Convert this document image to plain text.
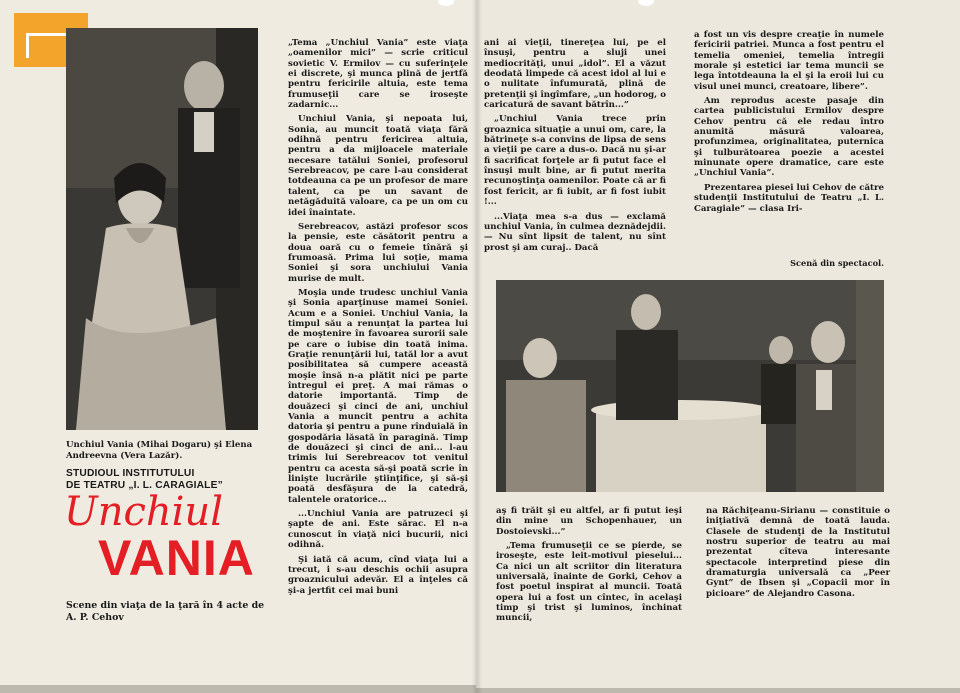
Unchiul Vania (Mihai Dogaru) şi Elena Andreevna (Vera Lazăr).
STUDIOUL INSTITUTULUI
DE TEATRU „I. L. CARAGIALE”
Unchiul
VANIA
Scene din viaţa de la ţară în 4 acte de A. P. Cehov

„Tema „Unchiul Vania” este viaţa „oamenilor mici” — scrie criticul sovietic V. Ermilov — cu suferinţele ei discrete, şi munca plină de jertfă pentru fericirile altuia, este tema frumuseţii care se iroseşte zadarnic...

Unchiul Vania, şi nepoata lui, Sonia, au muncit toată viaţa fără odihnă pentru fericirea altuia, pentru a da mijloacele materiale necesare tatălui Soniei, profesorul Serebreacov, pe care l-au considerat totdeauna ca pe un profesor de mare talent, ca pe un savant de netăgăduită valoare, ca pe un om cu idei înaintate.

Serebreacov, astăzi profesor scos la pensie, este căsătorit pentru a doua oară cu o femeie tînără şi frumoasă. Prima lui soţie, mama Soniei şi sora unchiului Vania murise de mult.

Moşia unde trudesc unchiul Vania şi Sonia aparţinuse mamei Soniei. Acum e a Soniei. Unchiul Vania, la timpul său a renunţat la partea lui de moştenire în favoarea surorii sale pe care o iubise din toată inima. Graţie renunţării lui, tatăl lor a avut posibilitatea să cumpere această moşie însă n-a plătit nici pe parte întregul ei preţ. A mai rămas o datorie importantă. Timp de douăzeci şi cinci de ani, unchiul Vania a muncit pentru a achita datoria şi pentru a pune rînduială în gospodăria lăsată în paragină. Timp de douăzeci şi cinci de ani... l-au trimis lui Serebreacov tot venitul pentru ca acesta să-şi poată scrie în linişte lucrările ştiinţifice, şi să-şi poată desfăşura de la catedră, talentele oratorice...

...Unchiul Vania are patruzeci şi şapte de ani. Este sărac. El n-a cunoscut în viaţă nici bucurii, nici odihnă.

Şi iată că acum, cînd viaţa lui a trecut, i s-au deschis ochii asupra groaznicului adevăr. El a înţeles că şi-a jertfit cei mai buni

ani ai vieţii, tinereţea lui, pe el însuşi, pentru a sluji unei mediocrităţi, unui „idol”. El a văzut deodată limpede că acest idol al lui e o nulitate înfumurată, plină de pretenţii şi îngîmfare, „un hodorog, o caricatură de savant bătrîn...”

„Unchiul Vania trece prin groaznica situaţie a unui om, care, la bătrineţe s-a convins de lipsa de sens a vieţii pe care a dus-o. Dacă nu şi-ar fi sacrificat forţele ar fi putut face el însuşi mult bine, ar fi putut merita recunoştinţa oamenilor. Poate că ar fi fost fericit, ar fi iubit, ar fi fost iubit !...

...Viaţa mea s-a dus — exclamă unchiul Vania, în culmea deznădejdii. — Nu sînt lipsit de talent, nu sînt prost şi am curaj.. Dacă

a fost un vis despre creaţie în numele fericirii patriei. Munca a fost pentru el temelia omeniei, temelia întregii morale şi estetici iar tema muncii se lega întotdeauna la el şi la eroii lui cu visul unei munci, creatoare, libere”.

Am reprodus aceste pasaje din cartea publicistului Ermilov despre Cehov pentru că ele redau întro anumită măsură valoarea, profunzimea, originalitatea, puternica şi tulburătoarea poezie a acestei minunate opere dramatice, care este „Unchiul Vania”.

Prezentarea piesei lui Cehov de către studenţii Institutului de Teatru „I. L. Caragiale” — clasa Iri-

Scenă din spectacol.

aş fi trăit şi eu altfel, ar fi putut ieşi din mine un Schopenhauer, un Dostoievski...”

„Tema frumuseţii ce se pierde, se iroseşte, este leit-motivul pieselui... Ca nici un alt scriitor din literatura universală, înainte de Gorki, Cehov a fost poetul inspirat al muncii. Toată opera lui a fost un cîntec, în acelaşi timp şi trist şi luminos, închinat muncii,

na Răchiţeanu-Sirianu — constituie o iniţiativă demnă de toată lauda. Clasele de studenţi de la Institutul nostru superior de teatru au mai prezentat cîteva interesante spectacole interpretînd piese din dramaturgia universală ca „Peer Gynt” de Ibsen şi „Copacii mor în picioare” de Alejandro Casona.
